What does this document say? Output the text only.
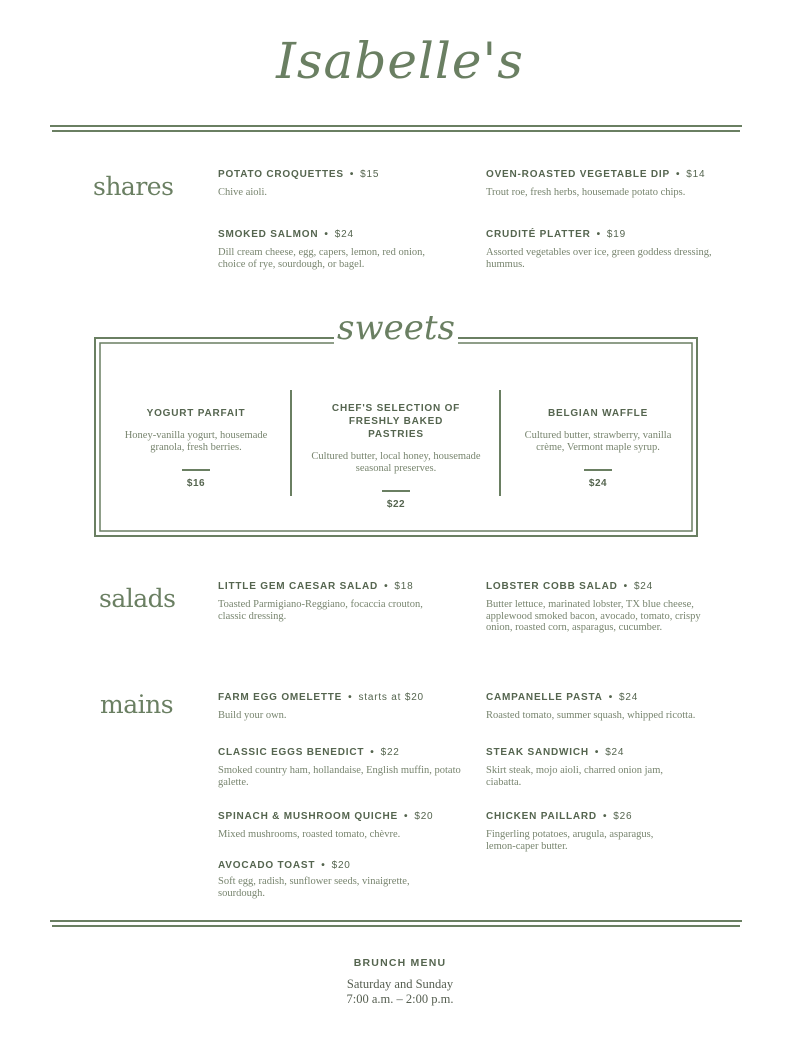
Isabelle's
shares	POTATO CROQUETTES • $15
Chive aioli.
OVEN-ROASTED VEGETABLE DIP • $14
Trout roe, fresh herbs, housemade potato chips.
SMOKED SALMON • $24
Dill cream cheese, egg, capers, lemon, red onion, choice of rye, sourdough, or bagel.
CRUDITÉ PLATTER • $19
Assorted vegetables over ice, green goddess dressing, hummus.
sweets
YOGURT PARFAIT
Honey-vanilla yogurt, housemade granola, fresh berries.
$16
CHEF'S SELECTION OF FRESHLY BAKED PASTRIES
Cultured butter, local honey, housemade seasonal preserves.
$22
BELGIAN WAFFLE
Cultured butter, strawberry, vanilla crème, Vermont maple syrup.
$24
salads	LITTLE GEM CAESAR SALAD • $18
Toasted Parmigiano-Reggiano, focaccia crouton, classic dressing.
LOBSTER COBB SALAD • $24
Butter lettuce, marinated lobster, TX blue cheese, applewood smoked bacon, avocado, tomato, crispy onion, roasted corn, asparagus, cucumber.
mains	FARM EGG OMELETTE • starts at $20
Build your own.
CAMPANELLE PASTA • $24
Roasted tomato, summer squash, whipped ricotta.
CLASSIC EGGS BENEDICT • $22
Smoked country ham, hollandaise, English muffin, potato galette.
STEAK SANDWICH • $24
Skirt steak, mojo aioli, charred onion jam, ciabatta.
SPINACH & MUSHROOM QUICHE • $20
Mixed mushrooms, roasted tomato, chèvre.
CHICKEN PAILLARD • $26
Fingerling potatoes, arugula, asparagus, lemon-caper butter.
AVOCADO TOAST • $20
Soft egg, radish, sunflower seeds, vinaigrette, sourdough.
BRUNCH MENU
Saturday and Sunday
7:00 a.m. – 2:00 p.m.
